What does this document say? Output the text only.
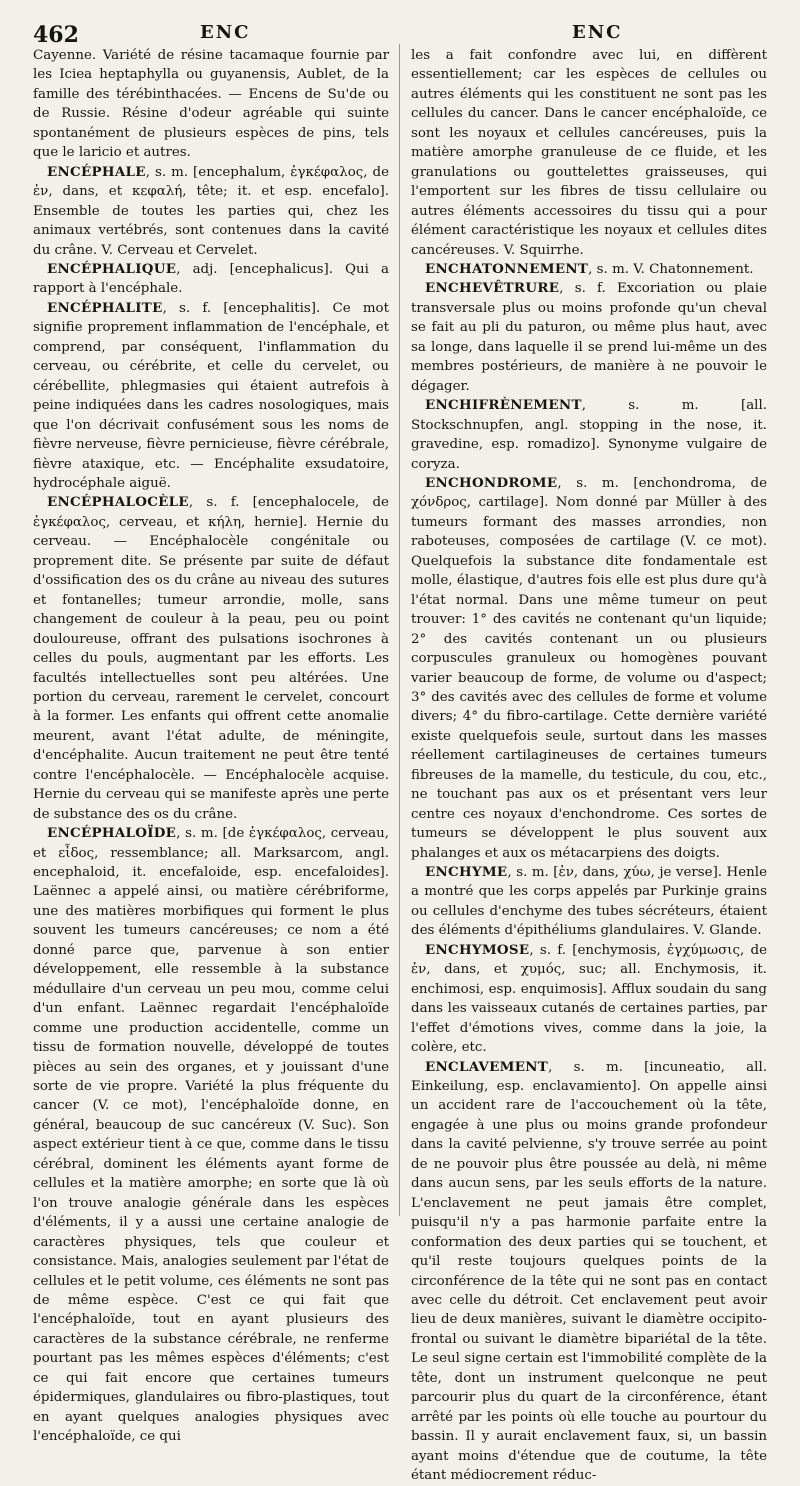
462	ENC	ENC

Cayenne. Variété de résine tacamaque fournie par les Iciea heptaphylla ou guyanensis, Aublet, de la famille des térébinthacées. — Encens de Su'de ou de Russie. Résine d'odeur agréable qui suinte spontanément de plusieurs espèces de pins, tels que le laricio et autres.

ENCÉPHALE, s. m. [encephalum, ἐγκέφαλος, de ἐν, dans, et κεφαλή, tête; it. et esp. encefalo]. Ensemble de toutes les parties qui, chez les animaux vertébrés, sont contenues dans la cavité du crâne. V. Cerveau et Cervelet.

ENCÉPHALIQUE, adj. [encephalicus]. Qui a rapport à l'encéphale.

ENCÉPHALITE, s. f. [encephalitis]. Ce mot signifie proprement inflammation de l'encéphale, et comprend, par conséquent, l'inflammation du cerveau, ou cérébrite, et celle du cervelet, ou cérébellite, phlegmasies qui étaient autrefois à peine indiquées dans les cadres nosologiques, mais que l'on décrivait confusément sous les noms de fièvre nerveuse, fièvre pernicieuse, fièvre cérébrale, fièvre ataxique, etc. — Encéphalite exsudatoire, hydrocéphale aiguë.

ENCÉPHALOCÈLE, s. f. [encephalocele, de ἐγκέφαλος, cerveau, et κήλη, hernie]. Hernie du cerveau. — Encéphalocèle congénitale ou proprement dite. Se présente par suite de défaut d'ossification des os du crâne au niveau des sutures et fontanelles; tumeur arrondie, molle, sans changement de couleur à la peau, peu ou point douloureuse, offrant des pulsations isochrones à celles du pouls, augmentant par les efforts. Les facultés intellectuelles sont peu altérées. Une portion du cerveau, rarement le cervelet, concourt à la former. Les enfants qui offrent cette anomalie meurent, avant l'état adulte, de méningite, d'encéphalite. Aucun traitement ne peut être tenté contre l'encéphalocèle. — Encéphalocèle acquise. Hernie du cerveau qui se manifeste après une perte de substance des os du crâne.

ENCÉPHALOÏDE, s. m. [de ἐγκέφαλος, cerveau, et εἶδος, ressemblance; all. Marksarcom, angl. encephaloid, it. encefaloide, esp. encefaloides]. Laënnec a appelé ainsi, ou matière cérébriforme, une des matières morbifiques qui forment le plus souvent les tumeurs cancéreuses; ce nom a été donné parce que, parvenue à son entier développement, elle ressemble à la substance médullaire d'un cerveau un peu mou, comme celui d'un enfant. Laënnec regardait l'encéphaloïde comme une production accidentelle, comme un tissu de formation nouvelle, développé de toutes pièces au sein des organes, et y jouissant d'une sorte de vie propre. Variété la plus fréquente du cancer (V. ce mot), l'encéphaloïde donne, en général, beaucoup de suc cancéreux (V. Suc). Son aspect extérieur tient à ce que, comme dans le tissu cérébral, dominent les éléments ayant forme de cellules et la matière amorphe; en sorte que là où l'on trouve analogie générale dans les espèces d'éléments, il y a aussi une certaine analogie de caractères physiques, tels que couleur et consistance. Mais, analogies seulement par l'état de cellules et le petit volume, ces éléments ne sont pas de même espèce. C'est ce qui fait que l'encéphaloïde, tout en ayant plusieurs des caractères de la substance cérébrale, ne renferme pourtant pas les mêmes espèces d'éléments; c'est ce qui fait encore que certaines tumeurs épidermiques, glandulaires ou fibro-plastiques, tout en ayant quelques analogies physiques avec l'encéphaloïde, ce qui

les a fait confondre avec lui, en diffèrent essentiellement; car les espèces de cellules ou autres éléments qui les constituent ne sont pas les cellules du cancer. Dans le cancer encéphaloïde, ce sont les noyaux et cellules cancéreuses, puis la matière amorphe granuleuse de ce fluide, et les granulations ou gouttelettes graisseuses, qui l'emportent sur les fibres de tissu cellulaire ou autres éléments accessoires du tissu qui a pour élément caractéristique les noyaux et cellules dites cancéreuses. V. Squirrhe.

ENCHATONNEMENT, s. m. V. Chatonnement.

ENCHEVÊTRURE, s. f. Excoriation ou plaie transversale plus ou moins profonde qu'un cheval se fait au pli du paturon, ou même plus haut, avec sa longe, dans laquelle il se prend lui-même un des membres postérieurs, de manière à ne pouvoir le dégager.

ENCHIFRÈNEMENT, s. m. [all. Stockschnupfen, angl. stopping in the nose, it. gravedine, esp. romadizo]. Synonyme vulgaire de coryza.

ENCHONDROME, s. m. [enchondroma, de χόνδρος, cartilage]. Nom donné par Müller à des tumeurs formant des masses arrondies, non raboteuses, composées de cartilage (V. ce mot). Quelquefois la substance dite fondamentale est molle, élastique, d'autres fois elle est plus dure qu'à l'état normal. Dans une même tumeur on peut trouver: 1° des cavités ne contenant qu'un liquide; 2° des cavités contenant un ou plusieurs corpuscules granuleux ou homogènes pouvant varier beaucoup de forme, de volume ou d'aspect; 3° des cavités avec des cellules de forme et volume divers; 4° du fibro-cartilage. Cette dernière variété existe quelquefois seule, surtout dans les masses réellement cartilagineuses de certaines tumeurs fibreuses de la mamelle, du testicule, du cou, etc., ne touchant pas aux os et présentant vers leur centre ces noyaux d'enchondrome. Ces sortes de tumeurs se développent le plus souvent aux phalanges et aux os métacarpiens des doigts.

ENCHYME, s. m. [ἐν, dans, χύω, je verse]. Henle a montré que les corps appelés par Purkinje grains ou cellules d'enchyme des tubes sécréteurs, étaient des éléments d'épithéliums glandulaires. V. Glande.

ENCHYMOSE, s. f. [enchymosis, ἐγχύμωσις, de ἐν, dans, et χυμός, suc; all. Enchymosis, it. enchimosi, esp. enquimosis]. Afflux soudain du sang dans les vaisseaux cutanés de certaines parties, par l'effet d'émotions vives, comme dans la joie, la colère, etc.

ENCLAVEMENT, s. m. [incuneatio, all. Einkeilung, esp. enclavamiento]. On appelle ainsi un accident rare de l'accouchement où la tête, engagée à une plus ou moins grande profondeur dans la cavité pelvienne, s'y trouve serrée au point de ne pouvoir plus être poussée au delà, ni même dans aucun sens, par les seuls efforts de la nature. L'enclavement ne peut jamais être complet, puisqu'il n'y a pas harmonie parfaite entre la conformation des deux parties qui se touchent, et qu'il reste toujours quelques points de la circonférence de la tête qui ne sont pas en contact avec celle du détroit. Cet enclavement peut avoir lieu de deux manières, suivant le diamètre occipito-frontal ou suivant le diamètre bipariétal de la tête. Le seul signe certain est l'immobilité complète de la tête, dont un instrument quelconque ne peut parcourir plus du quart de la circonférence, étant arrêté par les points où elle touche au pourtour du bassin. Il y aurait enclavement faux, si, un bassin ayant moins d'étendue que de coutume, la tête étant médiocrement réduc-
